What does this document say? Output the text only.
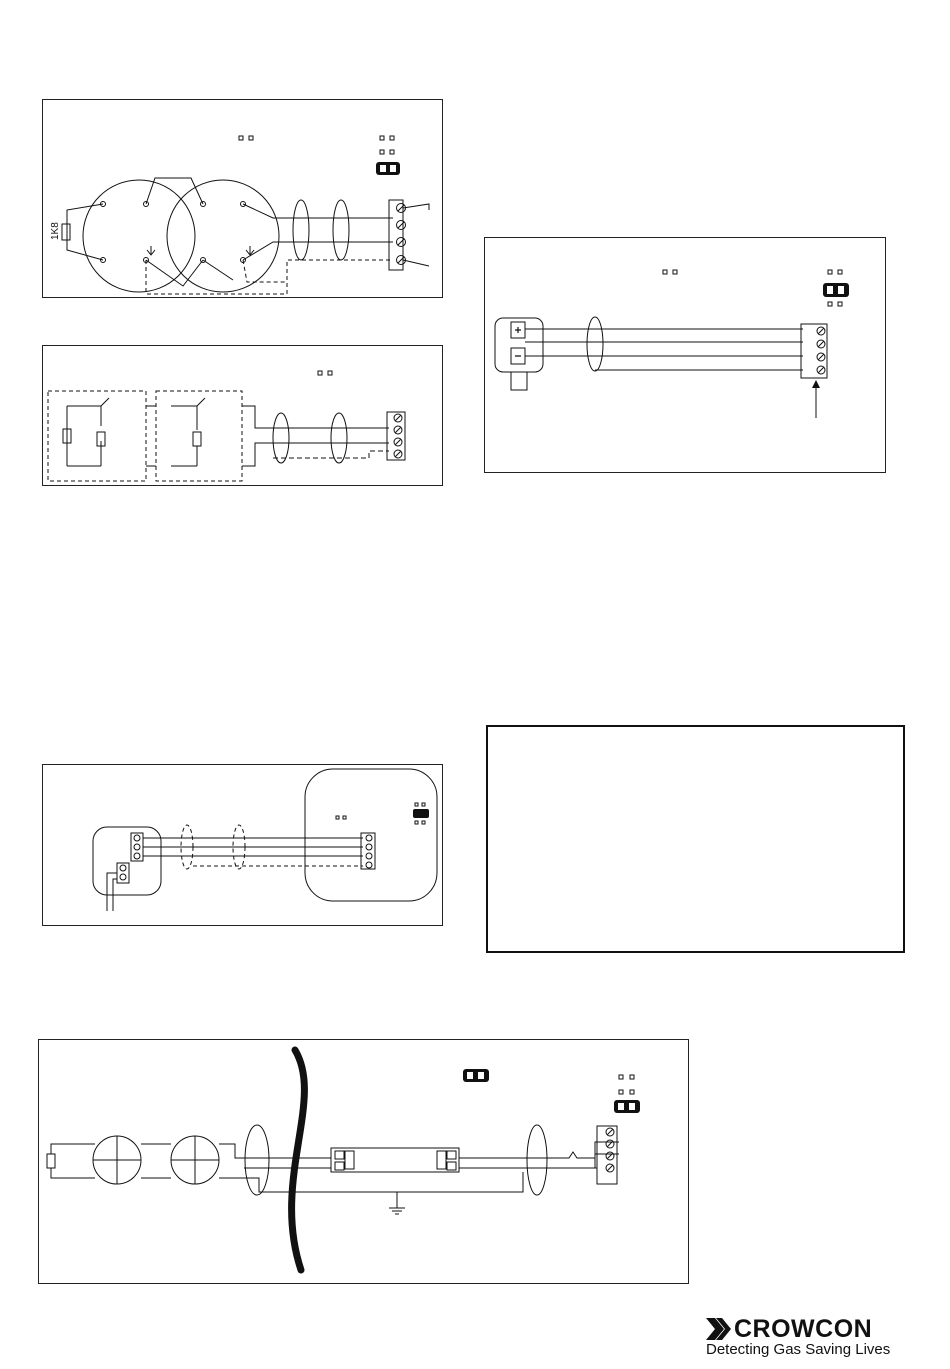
1K8
CROWCON
Detecting Gas Saving Lives
